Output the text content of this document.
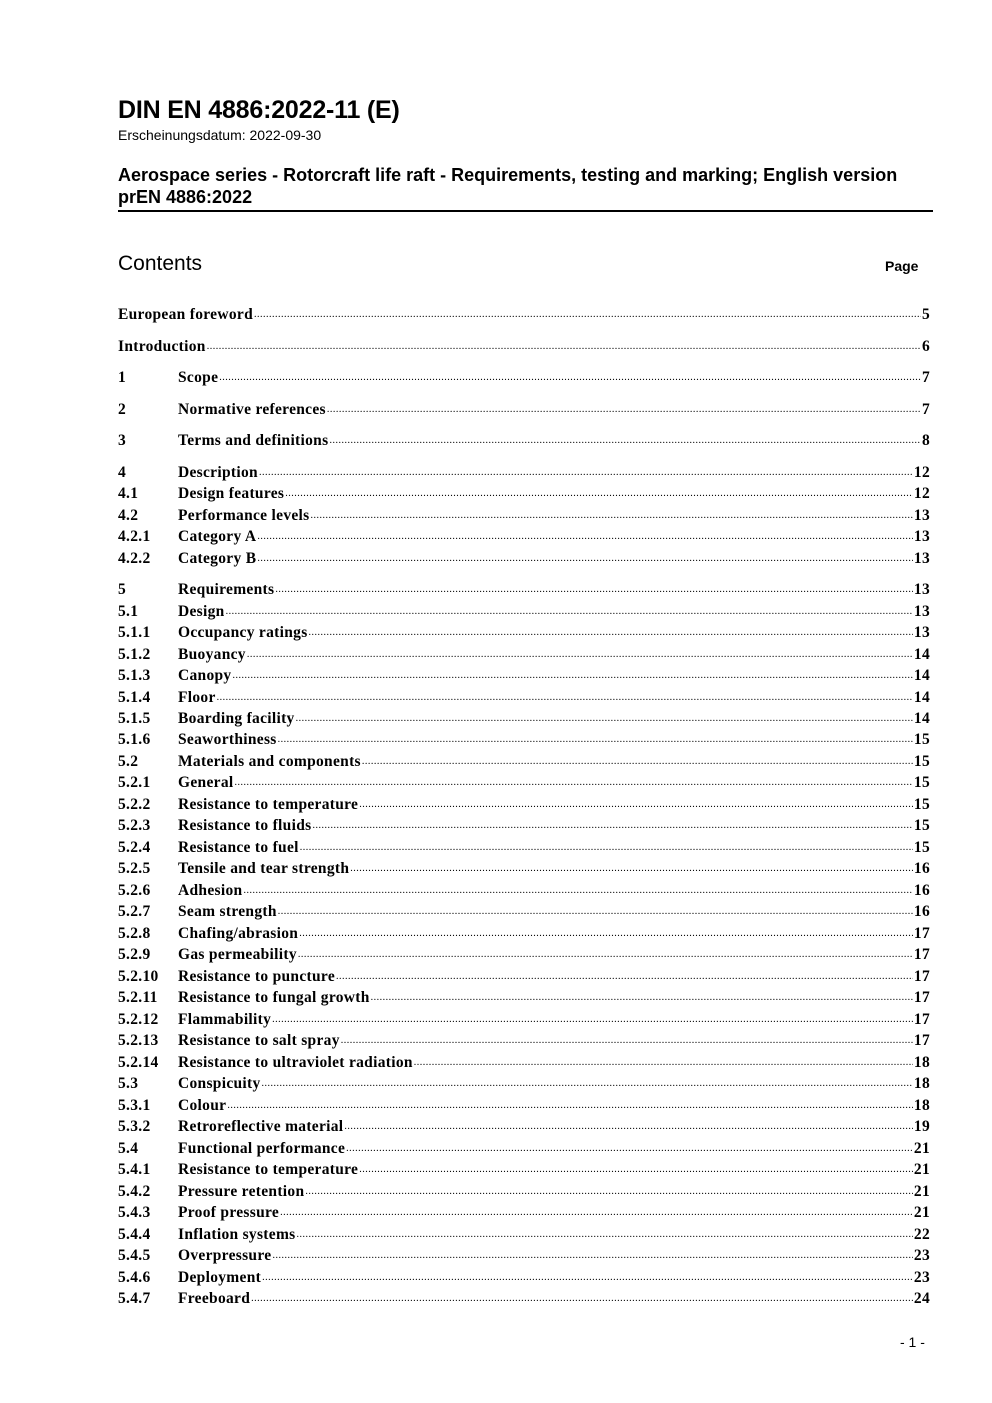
DIN EN 4886:2022-11 (E)
Erscheinungsdatum: 2022-09-30
Aerospace series - Rotorcraft life raft - Requirements, testing and marking; English version prEN 4886:2022
Contents	Page
European foreword .....	5
Introduction .....	6
1	Scope .....	7
2	Normative references .....	7
3	Terms and definitions .....	8
4	Description .....	12
4.1	Design features .....	12
4.2	Performance levels .....	13
4.2.1	Category A .....	13
4.2.2	Category B .....	13
5	Requirements .....	13
5.1	Design .....	13
5.1.1	Occupancy ratings .....	13
5.1.2	Buoyancy .....	14
5.1.3	Canopy .....	14
5.1.4	Floor .....	14
5.1.5	Boarding facility .....	14
5.1.6	Seaworthiness .....	15
5.2	Materials and components .....	15
5.2.1	General .....	15
5.2.2	Resistance to temperature .....	15
5.2.3	Resistance to fluids .....	15
5.2.4	Resistance to fuel .....	15
5.2.5	Tensile and tear strength .....	16
5.2.6	Adhesion .....	16
5.2.7	Seam strength .....	16
5.2.8	Chafing/abrasion .....	17
5.2.9	Gas permeability .....	17
5.2.10	Resistance to puncture .....	17
5.2.11	Resistance to fungal growth .....	17
5.2.12	Flammability .....	17
5.2.13	Resistance to salt spray .....	17
5.2.14	Resistance to ultraviolet radiation .....	18
5.3	Conspicuity .....	18
5.3.1	Colour .....	18
5.3.2	Retroreflective material .....	19
5.4	Functional performance .....	21
5.4.1	Resistance to temperature .....	21
5.4.2	Pressure retention .....	21
5.4.3	Proof pressure .....	21
5.4.4	Inflation systems .....	22
5.4.5	Overpressure .....	23
5.4.6	Deployment .....	23
5.4.7	Freeboard .....	24
- 1 -
